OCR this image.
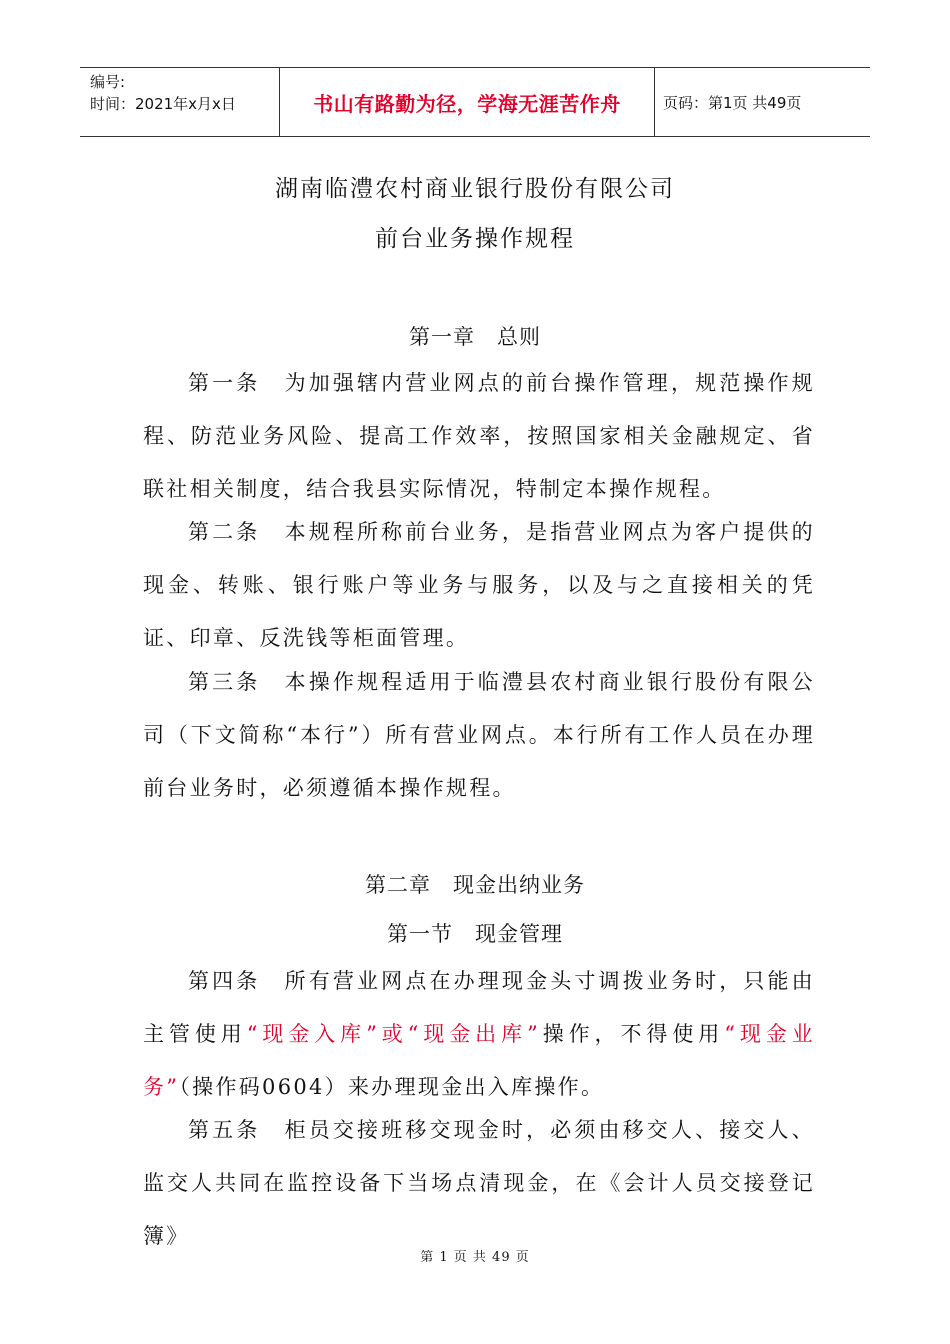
编号:
时间：2021年x月x日	书山有路勤为径，学海无涯苦作舟	页码：第1页 共49页
湖南临澧农村商业银行股份有限公司
前台业务操作规程
第一章　总则
第一条　为加强辖内营业网点的前台操作管理，规范操作规程、防范业务风险、提高工作效率，按照国家相关金融规定、省联社相关制度，结合我县实际情况，特制定本操作规程。
第二条　本规程所称前台业务，是指营业网点为客户提供的现金、转账、银行账户等业务与服务，以及与之直接相关的凭证、印章、反洗钱等柜面管理。
第三条　本操作规程适用于临澧县农村商业银行股份有限公司（下文简称“本行”）所有营业网点。本行所有工作人员在办理前台业务时，必须遵循本操作规程。
第二章　现金出纳业务
第一节　现金管理
第四条　所有营业网点在办理现金头寸调拨业务时，只能由主管使用“现金入库”或“现金出库”操作，不得使用“现金业务”（操作码0604）来办理现金出入库操作。
第五条　柜员交接班移交现金时，必须由移交人、接交人、监交人共同在监控设备下当场点清现金，在《会计人员交接登记簿》
第 1 页 共 49 页
